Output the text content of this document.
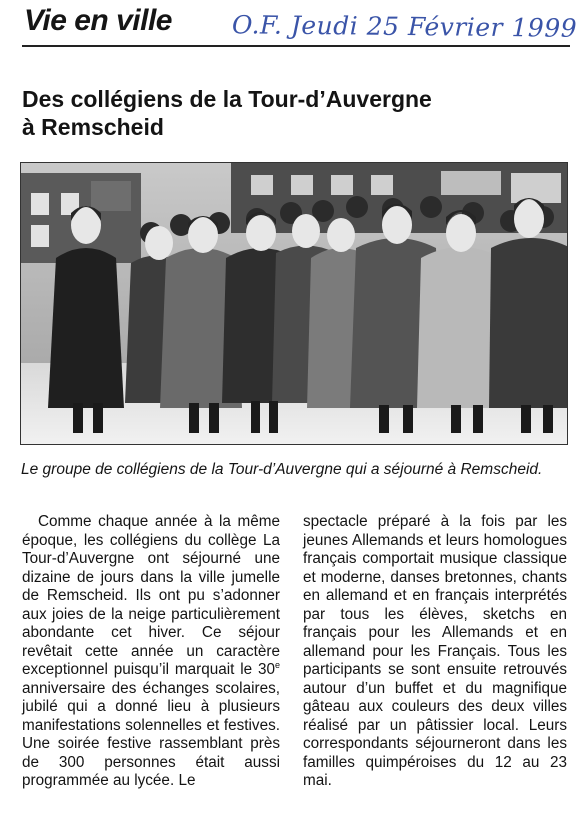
Vie en ville O.F. Jeudi 25 Février 1999
Des collégiens de la Tour-d’Auvergne
à Remscheid
Le groupe de collégiens de la Tour-d’Auvergne qui a séjourné à Remscheid.

Comme chaque année à la même époque, les collégiens du collège La Tour-d’Auvergne ont séjourné une dizaine de jours dans la ville jumelle de Remscheid. Ils ont pu s’adonner aux joies de la neige particulièrement abondante cet hiver. Ce séjour revêtait cette année un caractère exceptionnel puisqu’il marquait le 30e anniversaire des échanges scolaires, jubilé qui a donné lieu à plusieurs manifestations solennelles et festives. Une soirée festive rassemblant près de 300 personnes était aussi programmée au lycée. Le

spectacle préparé à la fois par les jeunes Allemands et leurs homologues français comportait musique classique et moderne, danses bretonnes, chants en allemand et en français interprétés par tous les élèves, sketchs en français pour les Allemands et en allemand pour les Français. Tous les participants se sont ensuite retrouvés autour d’un buffet et du magnifique gâteau aux couleurs des deux villes réalisé par un pâtissier local. Leurs correspondants séjourneront dans les familles quimpéroises du 12 au 23 mai.
